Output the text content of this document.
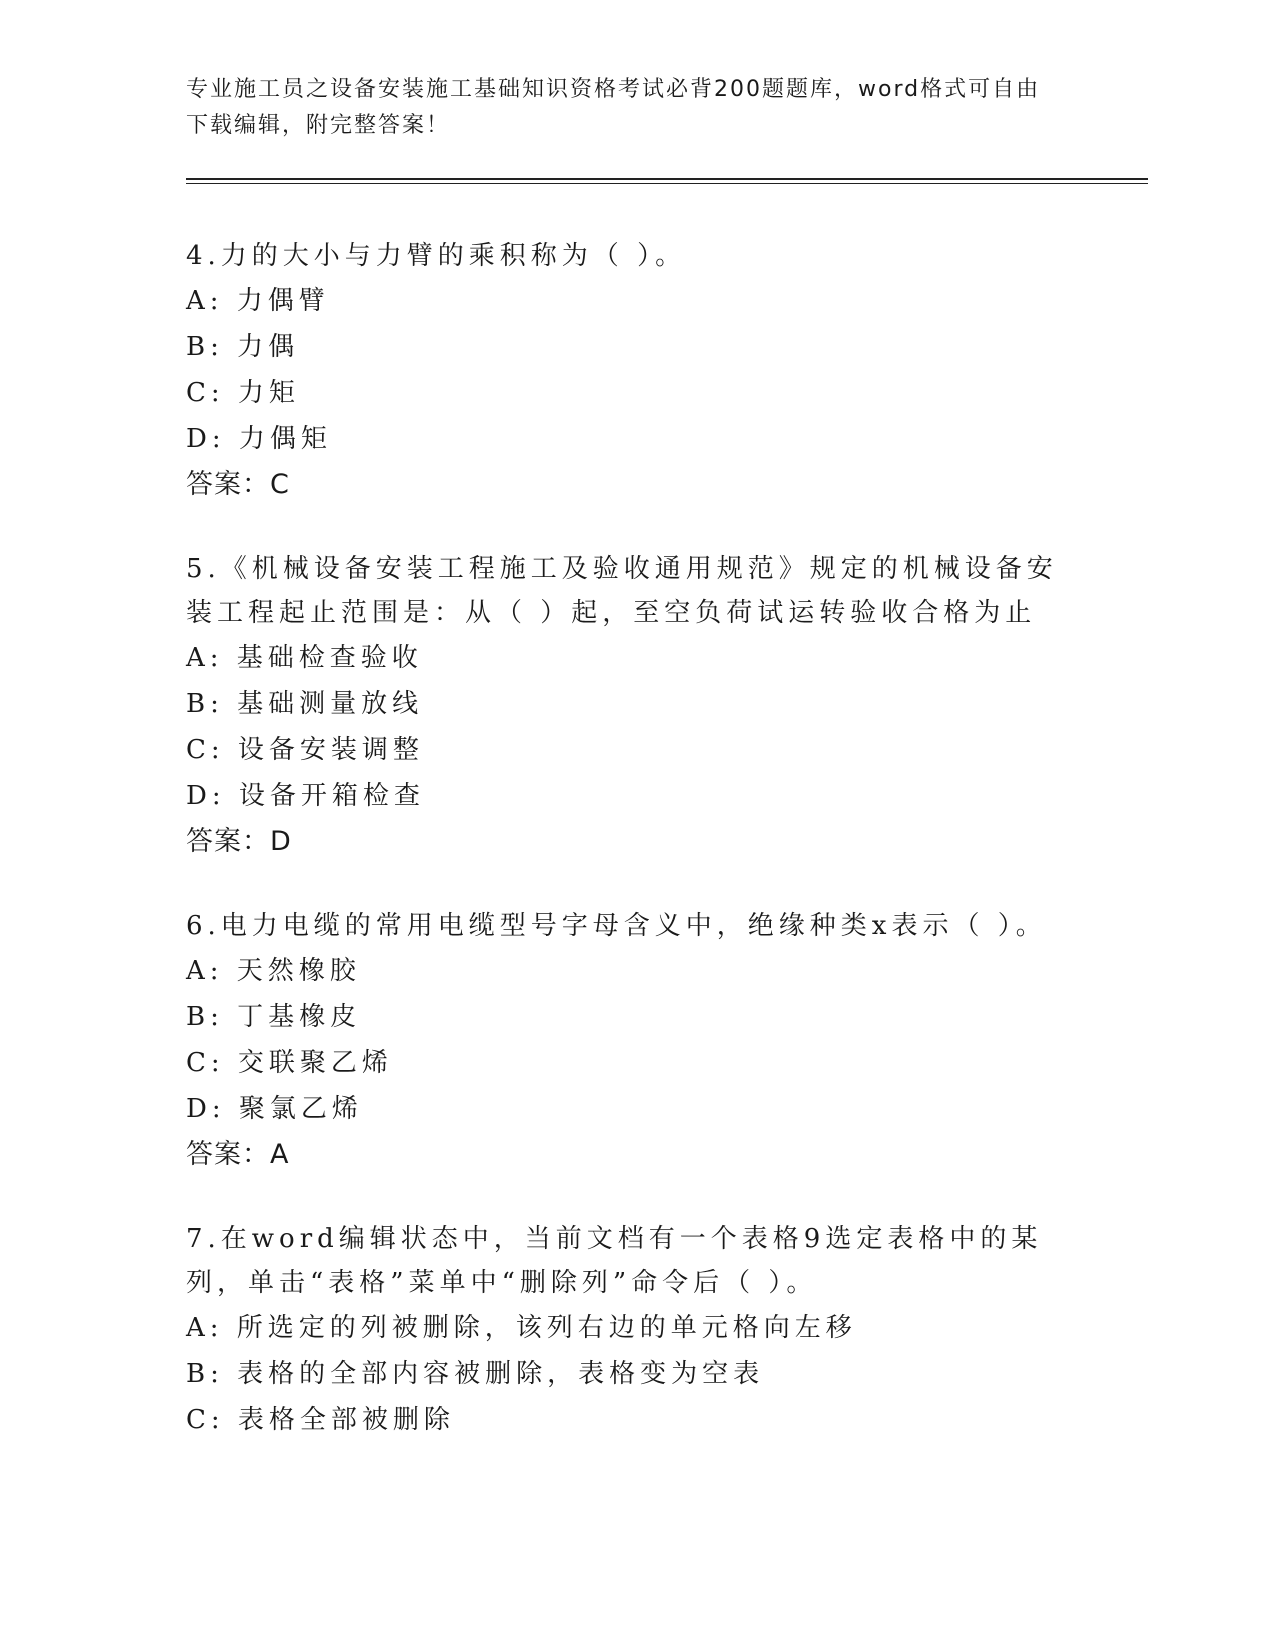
专业施工员之设备安装施工基础知识资格考试必背200题题库，word格式可自由
下载编辑，附完整答案！
4.力的大小与力臂的乘积称为（ ）。
A: 力偶臂
B: 力偶
C: 力矩
D: 力偶矩
答案：C
5.《机械设备安装工程施工及验收通用规范》规定的机械设备安装工程起止范围是：从（ ）起，至空负荷试运转验收合格为止
A: 基础检查验收
B: 基础测量放线
C: 设备安装调整
D: 设备开箱检查
答案：D
6.电力电缆的常用电缆型号字母含义中，绝缘种类x表示（ ）。
A: 天然橡胶
B: 丁基橡皮
C: 交联聚乙烯
D: 聚氯乙烯
答案：A
7.在word编辑状态中，当前文档有一个表格9选定表格中的某列，单击“表格”菜单中“删除列”命令后（ ）。
A: 所选定的列被删除，该列右边的单元格向左移
B: 表格的全部内容被删除，表格变为空表
C: 表格全部被删除
